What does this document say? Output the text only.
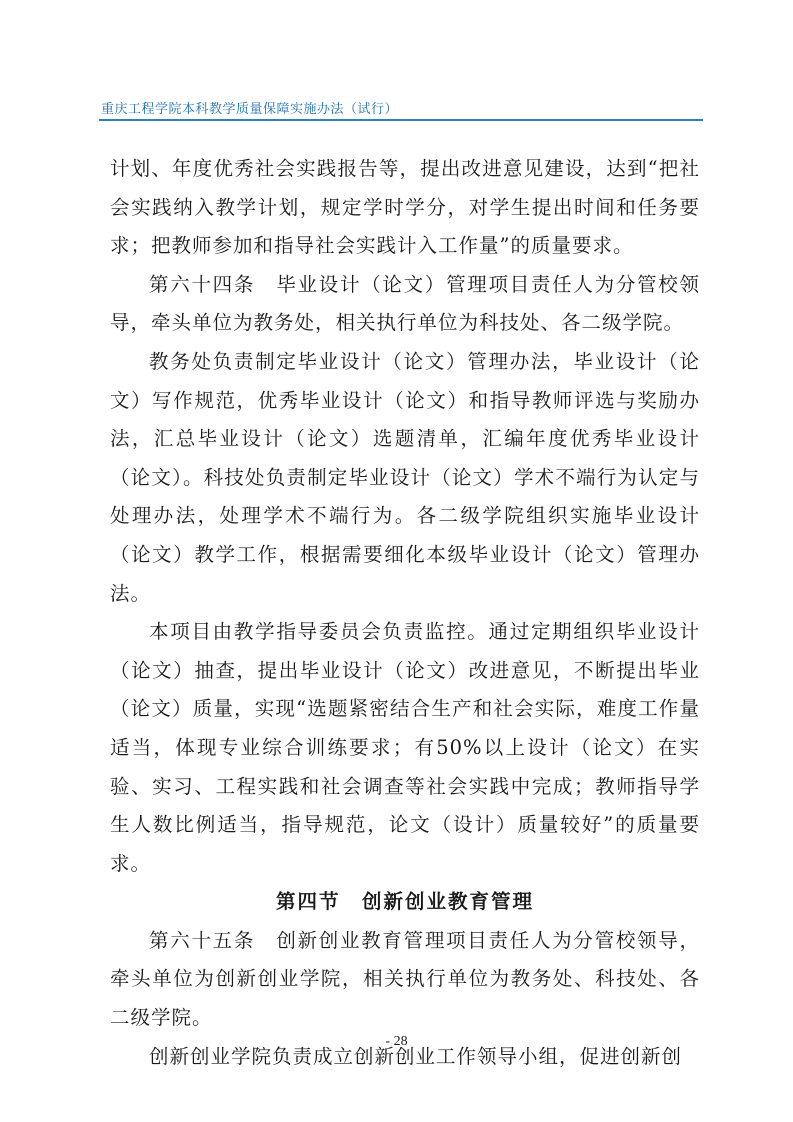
重庆工程学院本科教学质量保障实施办法（试行）

计划、年度优秀社会实践报告等，提出改进意见建设，达到“把社会实践纳入教学计划，规定学时学分，对学生提出时间和任务要求；把教师参加和指导社会实践计入工作量”的质量要求。

第六十四条　毕业设计（论文）管理项目责任人为分管校领导，牵头单位为教务处，相关执行单位为科技处、各二级学院。

教务处负责制定毕业设计（论文）管理办法，毕业设计（论文）写作规范，优秀毕业设计（论文）和指导教师评选与奖励办法，汇总毕业设计（论文）选题清单，汇编年度优秀毕业设计（论文）。科技处负责制定毕业设计（论文）学术不端行为认定与处理办法，处理学术不端行为。各二级学院组织实施毕业设计（论文）教学工作，根据需要细化本级毕业设计（论文）管理办法。

本项目由教学指导委员会负责监控。通过定期组织毕业设计（论文）抽查，提出毕业设计（论文）改进意见，不断提出毕业（论文）质量，实现“选题紧密结合生产和社会实际，难度工作量适当，体现专业综合训练要求；有50%以上设计（论文）在实验、实习、工程实践和社会调查等社会实践中完成；教师指导学生人数比例适当，指导规范，论文（设计）质量较好”的质量要求。

第四节　创新创业教育管理

第六十五条　创新创业教育管理项目责任人为分管校领导，牵头单位为创新创业学院，相关执行单位为教务处、科技处、各二级学院。

创新创业学院负责成立创新创业工作领导小组，促进创新创

- 28
